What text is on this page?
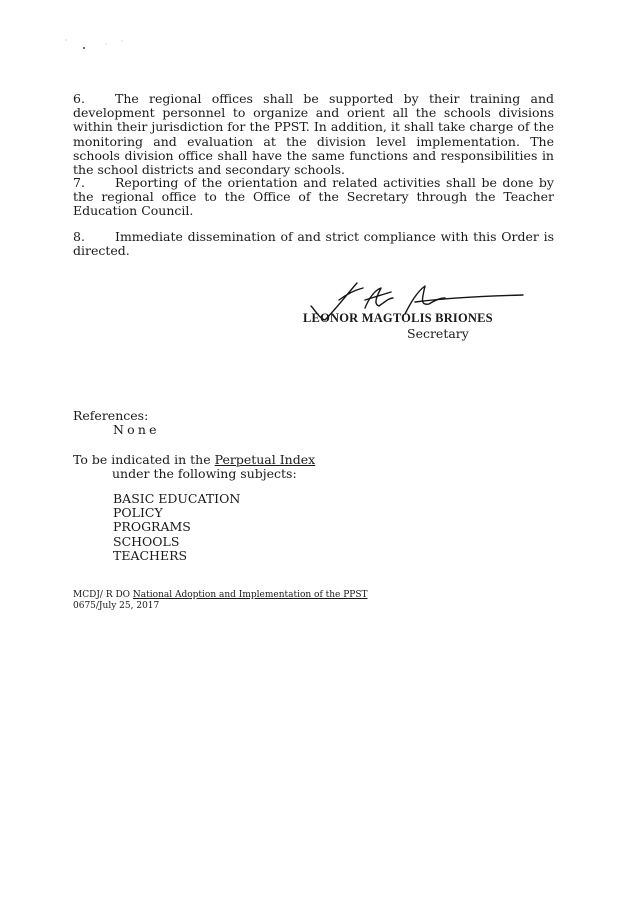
6. The regional offices shall be supported by their training and development personnel to organize and orient all the schools divisions within their jurisdiction for the PPST. In addition, it shall take charge of the monitoring and evaluation at the division level implementation. The schools division office shall have the same functions and responsibilities in the school districts and secondary schools.

7. Reporting of the orientation and related activities shall be done by the regional office to the Office of the Secretary through the Teacher Education Council.

8. Immediate dissemination of and strict compliance with this Order is directed.

LEONOR MAGTOLIS BRIONES
Secretary
References:
None
To be indicated in the Perpetual Index
under the following subjects:
BASIC EDUCATION
POLICY
PROGRAMS
SCHOOLS
TEACHERS
MCDJ/ R DO National Adoption and Implementation of the PPST
0675/July 25, 2017
